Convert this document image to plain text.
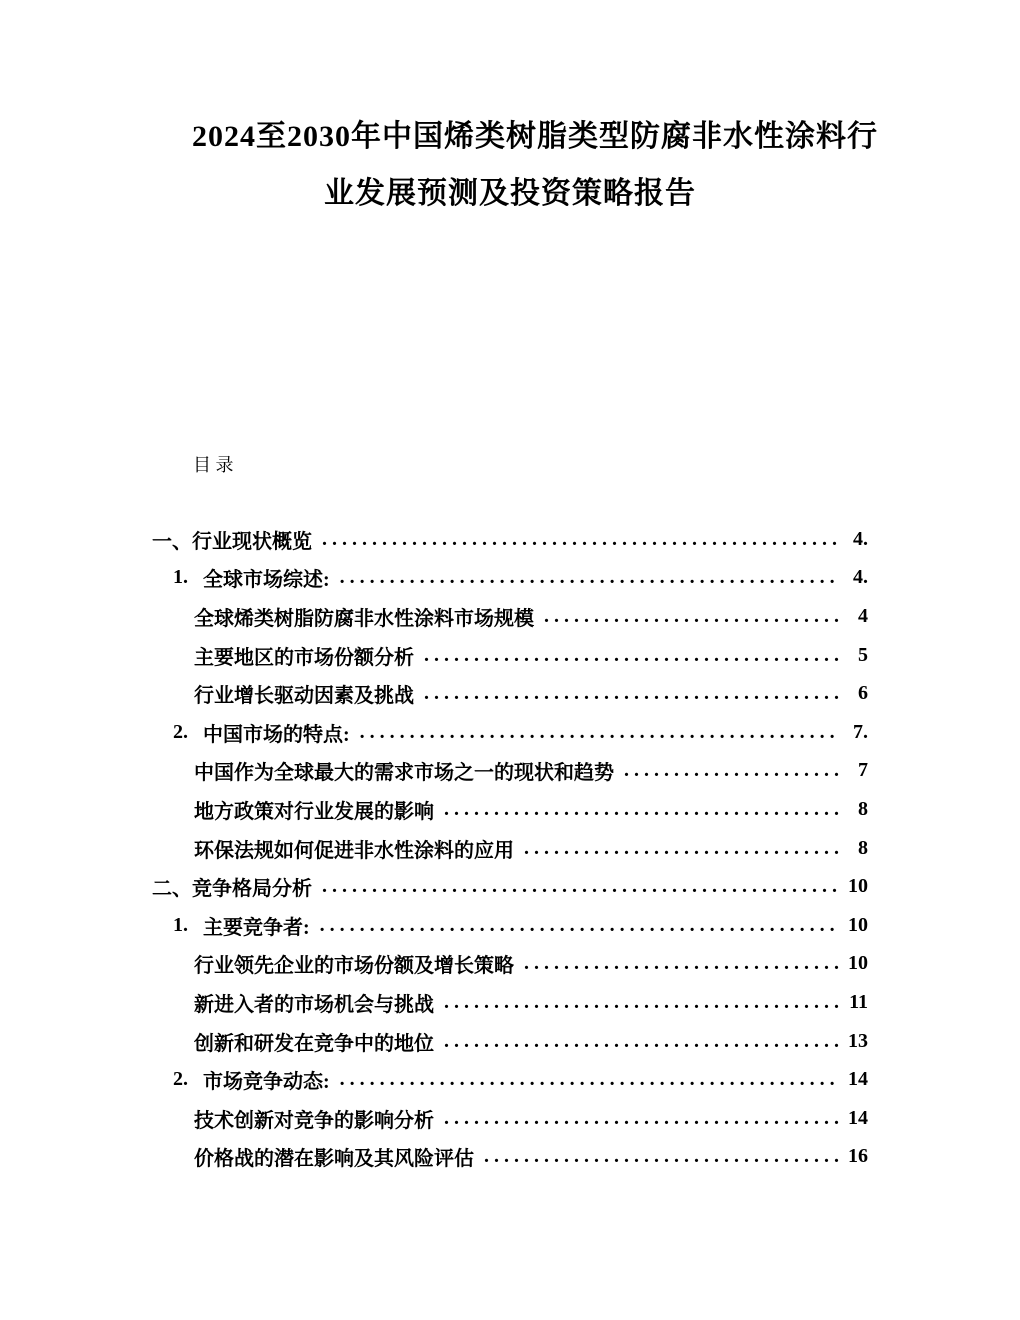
2024至2030年中国烯类树脂类型防腐非水性涂料行
业发展预测及投资策略报告
目 录
一、 行业现状概览 . . .	4.
1. 全球市场综述: . . .	4.
全球烯类树脂防腐非水性涂料市场规模 . . .	4
主要地区的市场份额分析 . . .	5
行业增长驱动因素及挑战 . . .	6
2. 中国市场的特点: . . .	7.
中国作为全球最大的需求市场之一的现状和趋势 . . .	7
地方政策对行业发展的影响 . . .	8
环保法规如何促进非水性涂料的应用 . . .	8
二、 竞争格局分析 . . .	10
1. 主要竞争者: . . .	10
行业领先企业的市场份额及增长策略 . . .	10
新进入者的市场机会与挑战 . . .	11
创新和研发在竞争中的地位 . . .	13
2. 市场竞争动态: . . .	14
技术创新对竞争的影响分析 . . .	14
价格战的潜在影响及其风险评估 . . .	16
